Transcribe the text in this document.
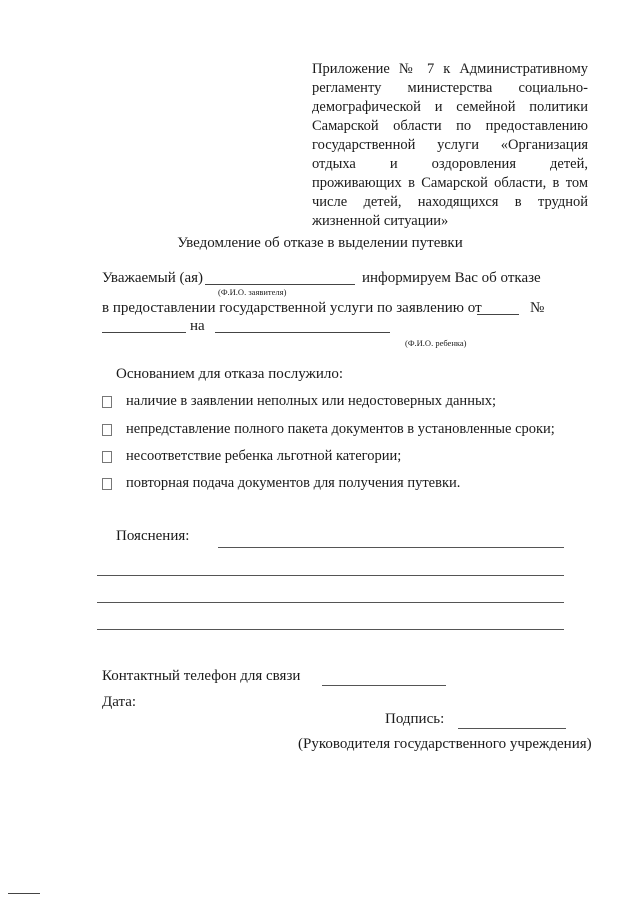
Приложение № 7 к Административному регламенту министерства социально-демографической и семейной политики Самарской области по предоставлению государственной услуги «Организация отдыха и оздоровления детей, проживающих в Самарской области, в том числе детей, находящихся в трудной жизненной ситуации»

Уведомление об отказе в выделении путевки
Уважаемый (ая)	информируем Вас об отказе
(Ф.И.О. заявителя)
в предоставлении государственной услуги по заявлению от	№
на
(Ф.И.О. ребенка)
Основанием для отказа послужило:
наличие в заявлении неполных или недостоверных данных;
непредставление полного пакета документов в установленные сроки;
несоответствие ребенка льготной категории;
повторная подача документов для получения путевки.
Пояснения:
Контактный телефон для связи
Дата:
Подпись:
(Руководителя государственного учреждения)
